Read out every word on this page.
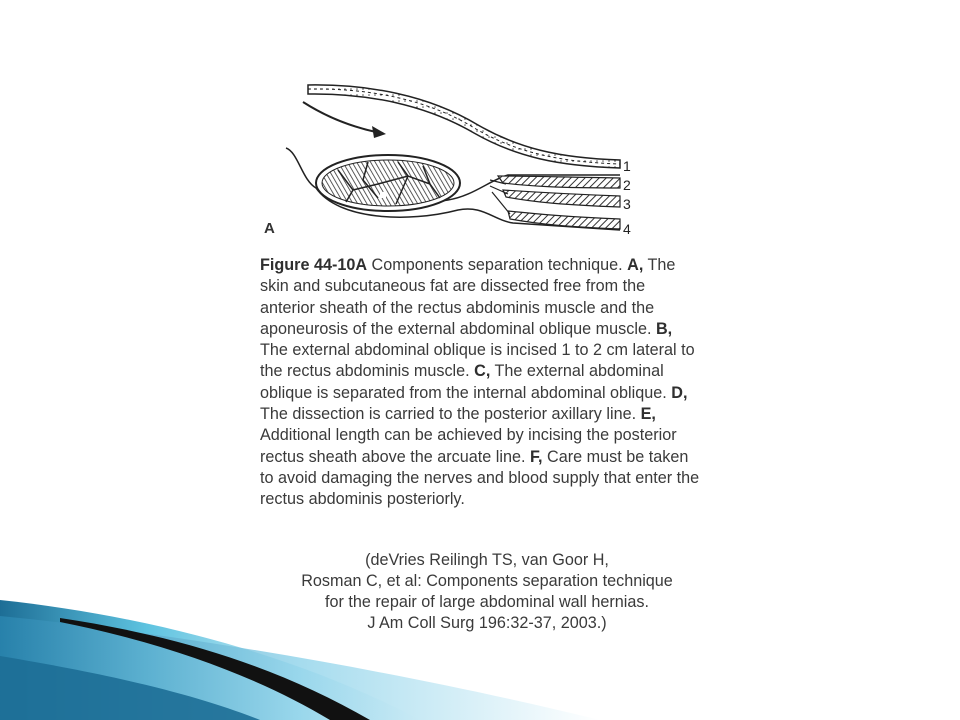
1
2
3
4
A
Figure 44-10A Components separation technique. A, The skin and subcutaneous fat are dissected free from the anterior sheath of the rectus abdominis muscle and the aponeurosis of the external abdominal oblique muscle. B, The external abdominal oblique is incised 1 to 2 cm lateral to the rectus abdominis muscle. C, The external abdominal oblique is separated from the internal abdominal oblique. D, The dissection is carried to the posterior axillary line. E, Additional length can be achieved by incising the posterior rectus sheath above the arcuate line. F, Care must be taken to avoid damaging the nerves and blood supply that enter the rectus abdominis posteriorly.
(deVries Reilingh TS, van Goor H,
Rosman C, et al: Components separation technique
for the repair of large abdominal wall hernias.
J Am Coll Surg 196:32-37, 2003.)
